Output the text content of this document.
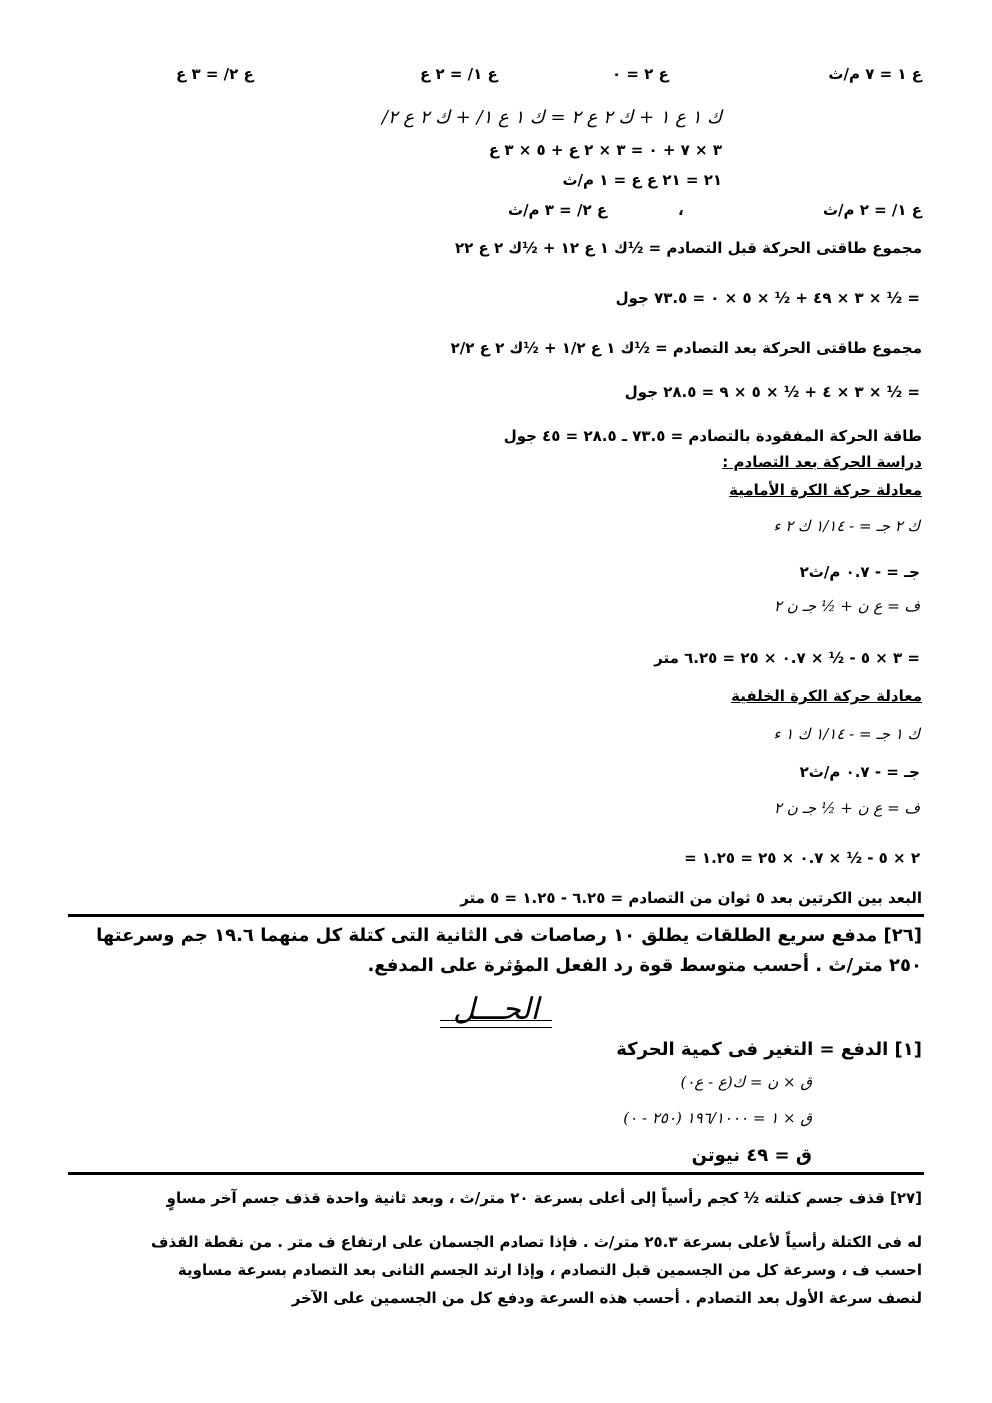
ع ١ = ٧ م/ث
ع ٢ = ٠
ع ١/ = ٢ ع
ع ٢/ = ٣ ع
ك ١ ع ١ + ك ٢ ع ٢ = ك ١ ع ١/ + ك ٢ ع ٢/
٣ × ٧ + ٠ = ٣ × ٢ ع + ٥ × ٣ ع
٢١ = ٢١ ع ع = ١ م/ث
ع ١/ = ٢ م/ث
،
ع ٢/ = ٣ م/ث
مجموع طاقتى الحركة قبل التصادم = ½ك ١ ع ١٢ + ½ك ٢ ع ٢٢
= ½ × ٣ × ٤٩ + ½ × ٥ × ٠ = ٧٣.٥ جول
مجموع طاقتى الحركة بعد التصادم = ½ك ١ ع ١/٢ + ½ك ٢ ع ٢/٢
= ½ × ٣ × ٤ + ½ × ٥ × ٩ = ٢٨.٥ جول
طاقة الحركة المفقودة بالتصادم = ٧٣.٥ ـ ٢٨.٥ = ٤٥ جول
دراسة الحركة بعد التصادم :
معادلة حركة الكرة الأمامية
ك ٢ جـ = - ١/١٤ ك ٢ ء
جـ = - ٠.٧ م/ث٢
ف = ع ن + ½ جـ ن ٢
= ٣ × ٥ - ½ × ٠.٧ × ٢٥ = ٦.٢٥ متر
معادلة حركة الكرة الخلفية
ك ١ جـ = - ١/١٤ ك ١ ء
جـ = - ٠.٧ م/ث٢
ف = ع ن + ½ جـ ن ٢
= ٢ × ٥ - ½ × ٠.٧ × ٢٥ = ١.٢٥
البعد بين الكرتين بعد ٥ ثوان من التصادم = ٦.٢٥ - ١.٢٥ = ٥ متر
[٢٦] مدفع سريع الطلقات يطلق ١٠ رصاصات فى الثانية التى كتلة كل منهما ١٩.٦ جم وسرعتها
٢٥٠ متر/ث . أحسب متوسط قوة رد الفعل المؤثرة على المدفع.
الحـــل
[١] الدفع = التغير فى كمية الحركة
ق × ن = ك(ع - ع٠)
ق × ١ = ١٩٦/١٠٠٠ (٢٥٠ - ٠)
ق = ٤٩ نيوتن
[٢٧] قذف جسم كتلته ½ كجم رأسياً إلى أعلى بسرعة ٢٠ متر/ث ، وبعد ثانية واحدة قذف جسم آخر مساوٍ
له فى الكتلة رأسياً لأعلى بسرعة ٢٥.٣ متر/ث . فإذا تصادم الجسمان على ارتفاع ف متر . من نقطة القذف
احسب ف ، وسرعة كل من الجسمين قبل التصادم ، وإذا ارتد الجسم الثانى بعد التصادم بسرعة مساوية
لنصف سرعة الأول بعد التصادم . أحسب هذه السرعة ودفع كل من الجسمين على الآخر
